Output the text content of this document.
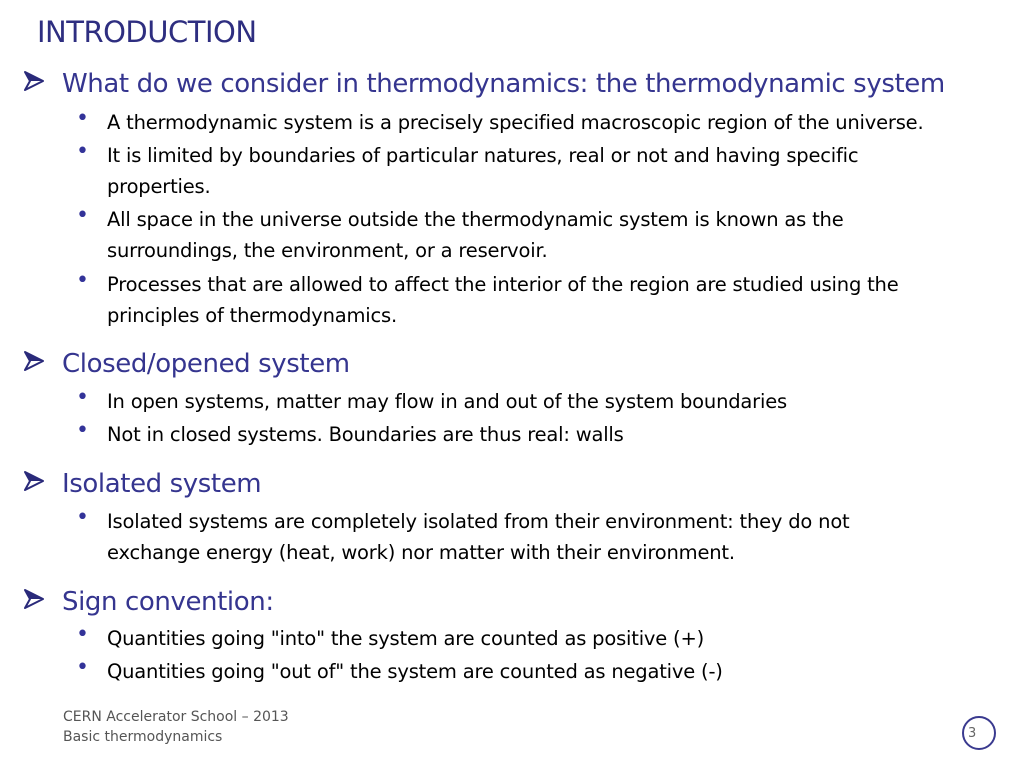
INTRODUCTION
What do we consider in thermodynamics: the thermodynamic system
• A thermodynamic system is a precisely specified macroscopic region of the universe.
• It is limited by boundaries of particular natures, real or not and having specific properties.
• All space in the universe outside the thermodynamic system is known as the surroundings, the environment, or a reservoir.
• Processes that are allowed to affect the interior of the region are studied using the principles of thermodynamics.
Closed/opened system
• In open systems, matter may flow in and out of the system boundaries
• Not in closed systems. Boundaries are thus real: walls
Isolated system
• Isolated systems are completely isolated from their environment: they do not exchange energy (heat, work) nor matter with their environment.
Sign convention:
• Quantities going "into" the system are counted as positive (+)
• Quantities going "out of" the system are counted as negative (-)
CERN Accelerator School – 2013
Basic thermodynamics	3
